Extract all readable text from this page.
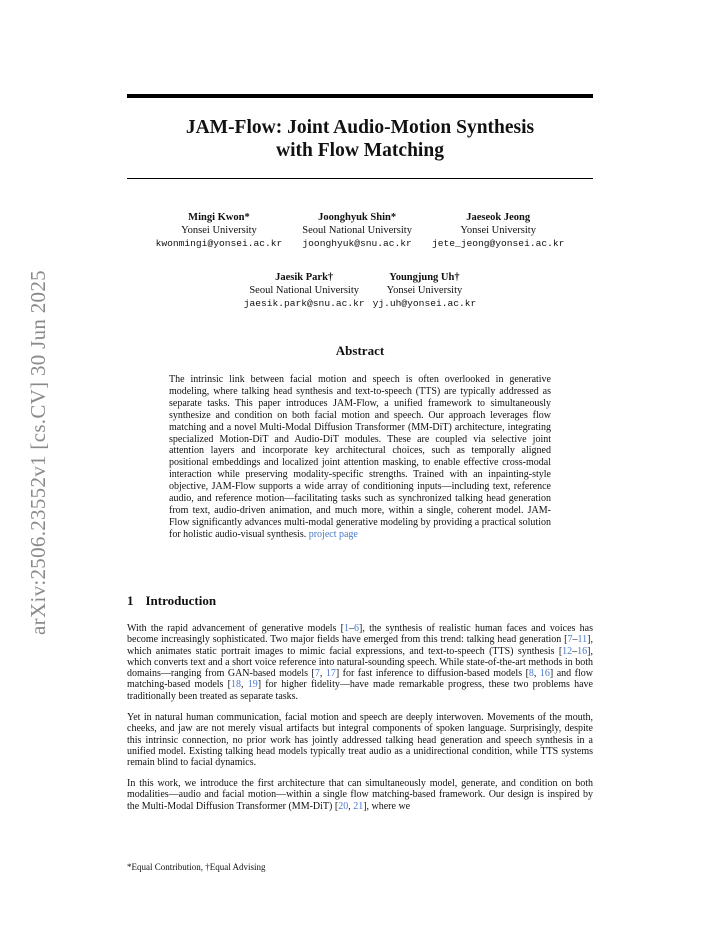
arXiv:2506.23552v1 [cs.CV] 30 Jun 2025
JAM-Flow: Joint Audio-Motion Synthesis
with Flow Matching
Mingi Kwon*
Yonsei University
kwonmingi@yonsei.ac.kr
Joonghyuk Shin*
Seoul National University
joonghyuk@snu.ac.kr
Jaeseok Jeong
Yonsei University
jete_jeong@yonsei.ac.kr
Jaesik Park†
Seoul National University
jaesik.park@snu.ac.kr
Youngjung Uh†
Yonsei University
yj.uh@yonsei.ac.kr
Abstract
The intrinsic link between facial motion and speech is often overlooked in generative modeling, where talking head synthesis and text-to-speech (TTS) are typically addressed as separate tasks. This paper introduces JAM-Flow, a unified framework to simultaneously synthesize and condition on both facial motion and speech. Our approach leverages flow matching and a novel Multi-Modal Diffusion Transformer (MM-DiT) architecture, integrating specialized Motion-DiT and Audio-DiT modules. These are coupled via selective joint attention layers and incorporate key architectural choices, such as temporally aligned positional embeddings and localized joint attention masking, to enable effective cross-modal interaction while preserving modality-specific strengths. Trained with an inpainting-style objective, JAM-Flow supports a wide array of conditioning inputs—including text, reference audio, and reference motion—facilitating tasks such as synchronized talking head generation from text, audio-driven animation, and much more, within a single, coherent model. JAM-Flow significantly advances multi-modal generative modeling by providing a practical solution for holistic audio-visual synthesis. project page
1 Introduction

With the rapid advancement of generative models [1–6], the synthesis of realistic human faces and voices has become increasingly sophisticated. Two major fields have emerged from this trend: talking head generation [7–11], which animates static portrait images to mimic facial expressions, and text-to-speech (TTS) synthesis [12–16], which converts text and a short voice reference into natural-sounding speech. While state-of-the-art methods in both domains—ranging from GAN-based models [7, 17] for fast inference to diffusion-based models [8, 16] and flow matching-based models [18, 19] for higher fidelity—have made remarkable progress, these two problems have traditionally been treated as separate tasks.

Yet in natural human communication, facial motion and speech are deeply interwoven. Movements of the mouth, cheeks, and jaw are not merely visual artifacts but integral components of spoken language. Surprisingly, despite this intrinsic connection, no prior work has jointly addressed talking head generation and speech synthesis in a unified model. Existing talking head models typically treat audio as a unidirectional condition, while TTS systems remain blind to facial dynamics.

In this work, we introduce the first architecture that can simultaneously model, generate, and condition on both modalities—audio and facial motion—within a single flow matching-based framework. Our design is inspired by the Multi-Modal Diffusion Transformer (MM-DiT) [20, 21], where we

*Equal Contribution, †Equal Advising
